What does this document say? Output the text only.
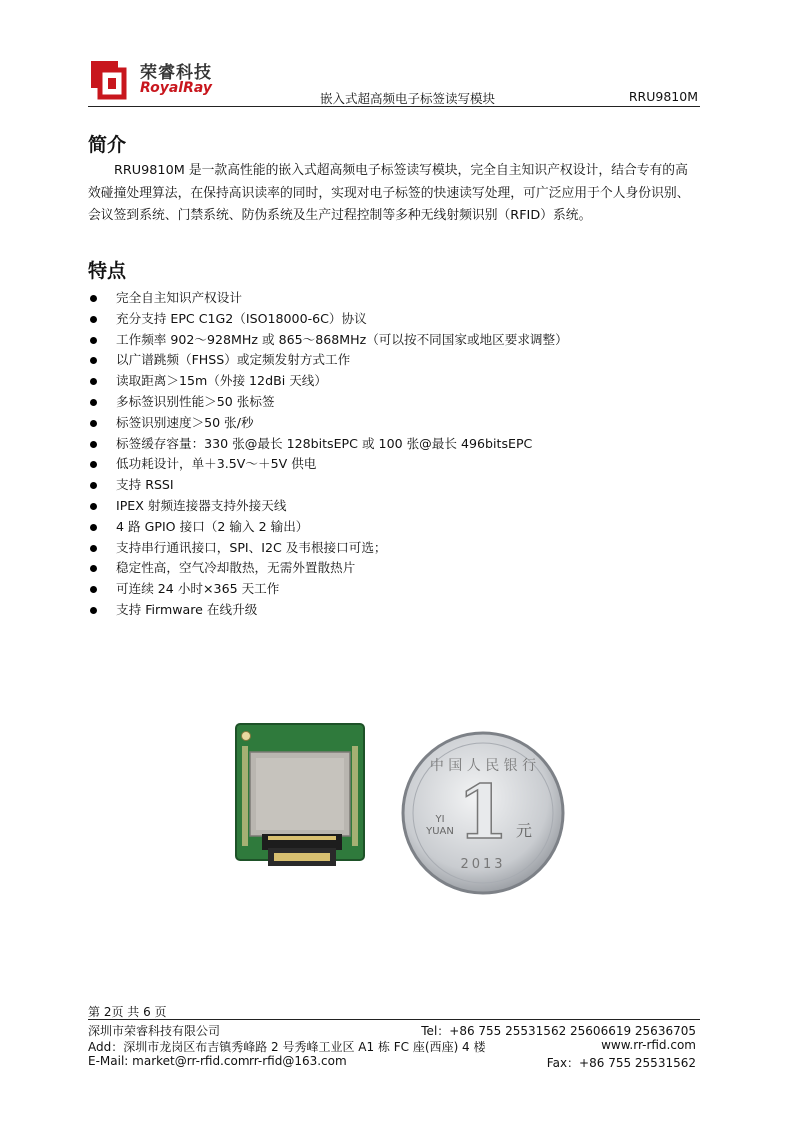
荣睿科技
RoyalRay
嵌入式超高频电子标签读写模块	RRU9810M
简介

RRU9810M 是一款高性能的嵌入式超高频电子标签读写模块，完全自主知识产权设计，结合专有的高效碰撞处理算法，在保持高识读率的同时，实现对电子标签的快速读写处理，可广泛应用于个人身份识别、会议签到系统、门禁系统、防伪系统及生产过程控制等多种无线射频识别（RFID）系统。

特点
完全自主知识产权设计
充分支持 EPC C1G2（ISO18000-6C）协议
工作频率 902～928MHz 或 865～868MHz（可以按不同国家或地区要求调整）
以广谱跳频（FHSS）或定频发射方式工作
读取距离＞15m（外接 12dBi 天线）
多标签识别性能＞50 张标签
标签识别速度＞50 张/秒
标签缓存容量：330 张@最长 128bitsEPC 或 100 张@最长 496bitsEPC
低功耗设计，单＋3.5V～＋5V 供电
支持 RSSI
IPEX 射频连接器支持外接天线
4 路 GPIO 接口（2 输入 2 输出）
支持串行通讯接口，SPI、I2C 及韦根接口可选；
稳定性高，空气冷却散热，无需外置散热片
可连续 24 小时×365 天工作
支持 Firmware 在线升级
中 国 人 民 银 行
1
YI
YUAN	元
2013
第 2页 共 6 页
深圳市荣睿科技有限公司	Tel：+86 755 25531562 25606619 25636705
Add：深圳市龙岗区布吉镇秀峰路 2 号秀峰工业区 A1 栋 FC 座(西座) 4 楼	www.rr-rfid.com
E-Mail: market@rr-rfid.com rr-rfid@163.com	Fax：+86 755 25531562
